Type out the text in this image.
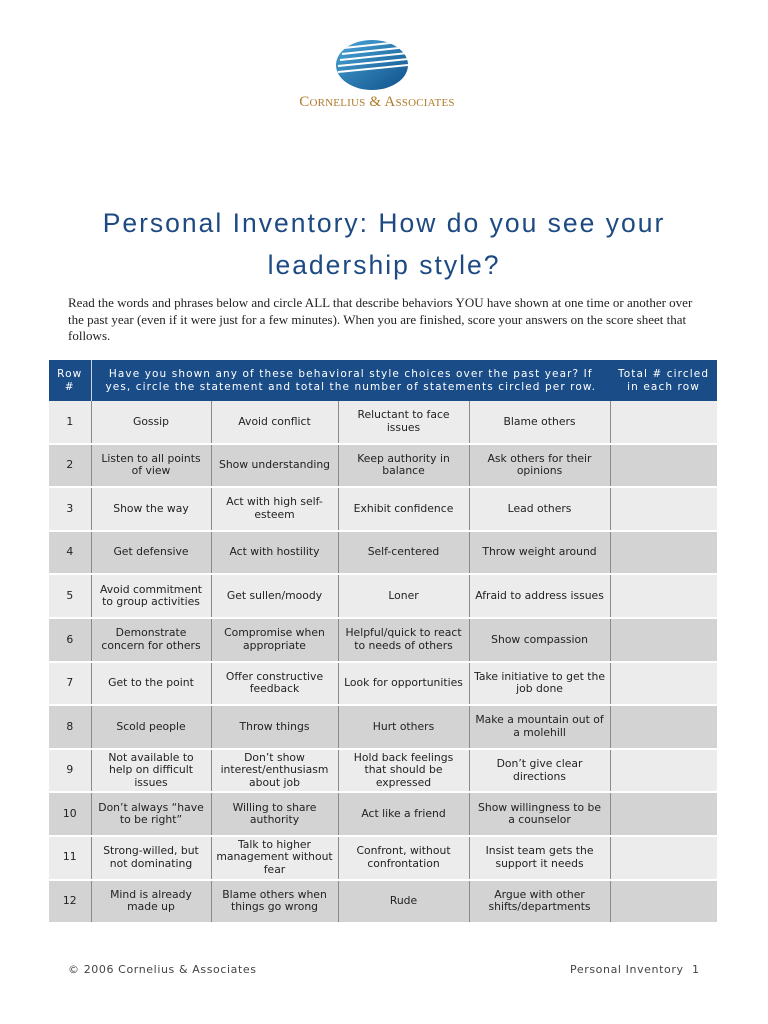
Cornelius & Associates
Personal Inventory: How do you see your leadership style?
Read the words and phrases below and circle ALL that describe behaviors YOU have shown at one time or another over the past year (even if it were just for a few minutes). When you are finished, score your answers on the score sheet that follows.
Row #	Have you shown any of these behavioral style choices over the past year? If yes, circle the statement and total the number of statements circled per row.				Total # circled in each row
1	Gossip	Avoid conflict	Reluctant to face issues	Blame others	
2	Listen to all points of view	Show understanding	Keep authority in balance	Ask others for their opinions	
3	Show the way	Act with high self-esteem	Exhibit confidence	Lead others	
4	Get defensive	Act with hostility	Self-centered	Throw weight around	
5	Avoid commitment to group activities	Get sullen/moody	Loner	Afraid to address issues	
6	Demonstrate concern for others	Compromise when appropriate	Helpful/quick to react to needs of others	Show compassion	
7	Get to the point	Offer constructive feedback	Look for opportunities	Take initiative to get the job done	
8	Scold people	Throw things	Hurt others	Make a mountain out of a molehill	
9	Not available to help on difficult issues	Don’t show interest/enthusiasm about job	Hold back feelings that should be expressed	Don’t give clear directions	
10	Don’t always “have to be right”	Willing to share authority	Act like a friend	Show willingness to be a counselor	
11	Strong-willed, but not dominating	Talk to higher management without fear	Confront, without confrontation	Insist team gets the support it needs	
12	Mind is already made up	Blame others when things go wrong	Rude	Argue with other shifts/departments	
© 2006 Cornelius & Associates	Personal Inventory 1
